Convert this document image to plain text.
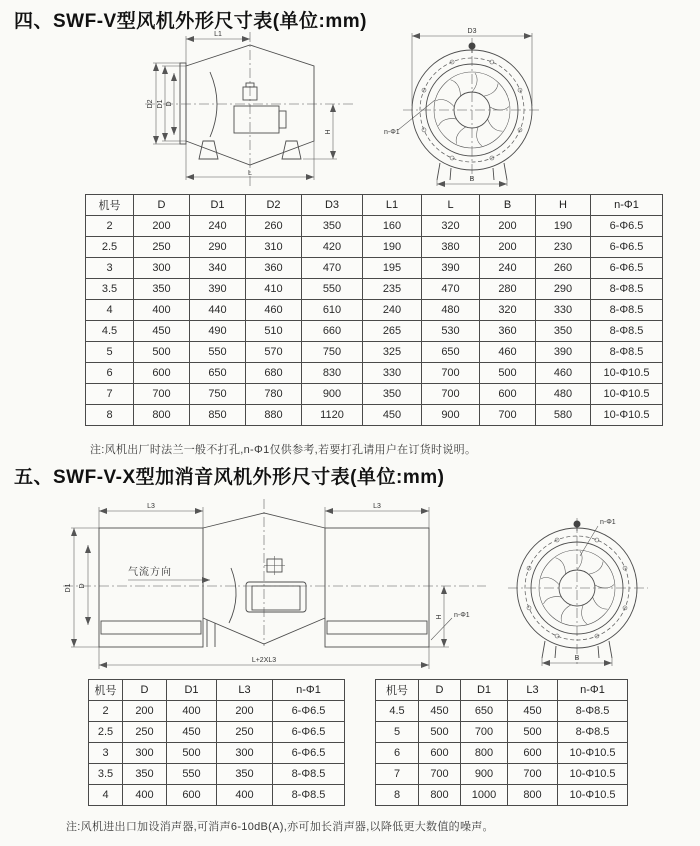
四、SWF-V型风机外形尺寸表(单位:mm)
L1
D2 D1 D
H
L
D3
B
n-Φ1
机号	D	D1	D2	D3	L1	L	B	H	n-Φ1
2	200	240	260	350	160	320	200	190	6-Φ6.5
2.5	250	290	310	420	190	380	200	230	6-Φ6.5
3	300	340	360	470	195	390	240	260	6-Φ6.5
3.5	350	390	410	550	235	470	280	290	8-Φ8.5
4	400	440	460	610	240	480	320	330	8-Φ8.5
4.5	450	490	510	660	265	530	360	350	8-Φ8.5
5	500	550	570	750	325	650	460	390	8-Φ8.5
6	600	650	680	830	330	700	500	460	10-Φ10.5
7	700	750	780	900	350	700	600	480	10-Φ10.5
8	800	850	880	1120	450	900	700	580	10-Φ10.5
注:风机出厂时法兰一般不打孔,n-Φ1仅供参考,若要打孔请用户在订货时说明。
五、SWF-V-X型加消音风机外形尺寸表(单位:mm)
气流方向
L3	L3
D1 D
H n-Φ1
L+2XL3
n-Φ1
B
机号	D	D1	L3	n-Φ1
2	200	400	200	6-Φ6.5
2.5	250	450	250	6-Φ6.5
3	300	500	300	6-Φ6.5
3.5	350	550	350	8-Φ8.5
4	400	600	400	8-Φ8.5
机号	D	D1	L3	n-Φ1
4.5	450	650	450	8-Φ8.5
5	500	700	500	8-Φ8.5
6	600	800	600	10-Φ10.5
7	700	900	700	10-Φ10.5
8	800	1000	800	10-Φ10.5
注:风机进出口加设消声器,可消声6-10dB(A),亦可加长消声器,以降低更大数值的噪声。
